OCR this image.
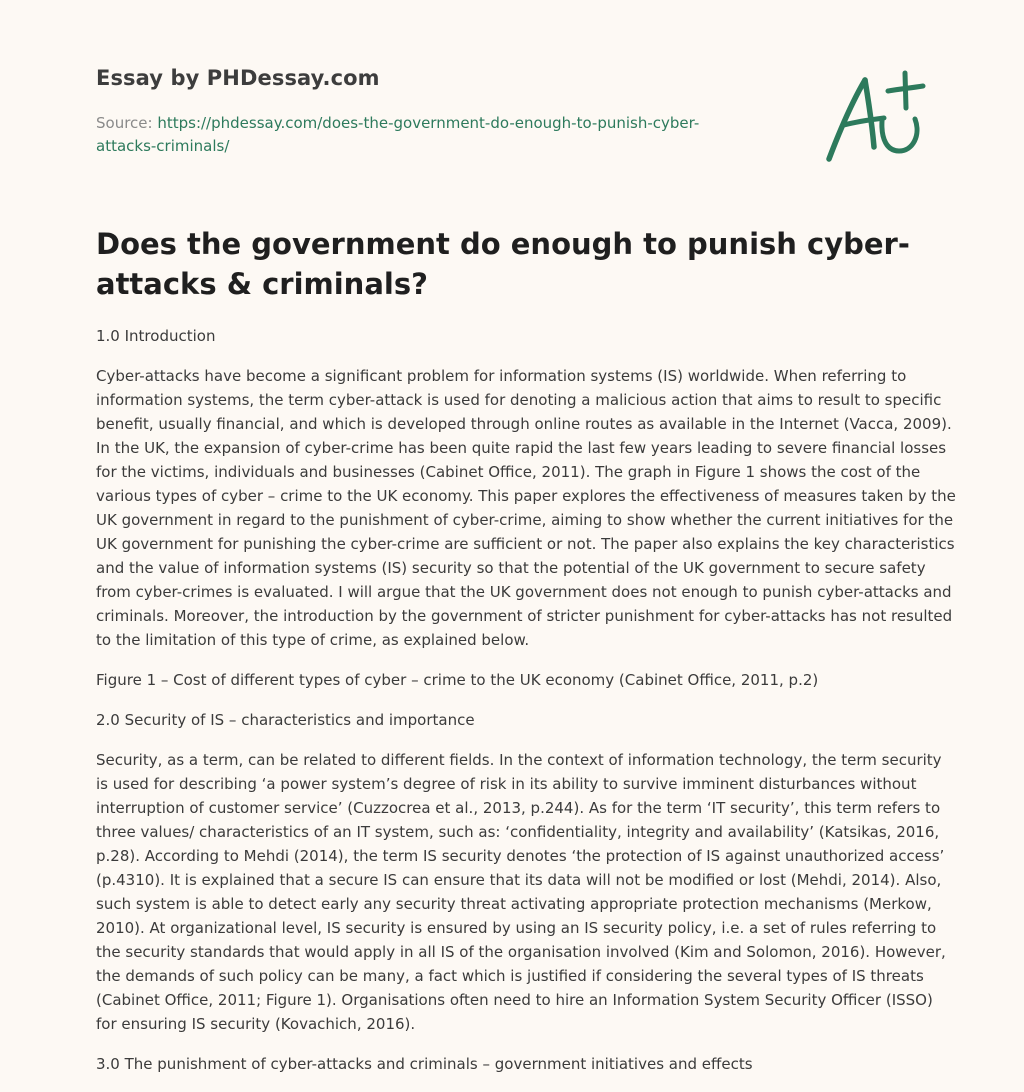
Essay by PHDessay.com
Source: https://phdessay.com/does-the-government-do-enough-to-punish-cyber-attacks-criminals/
Does the government do enough to punish cyber-attacks & criminals?

1.0 Introduction

Cyber-attacks have become a significant problem for information systems (IS) worldwide. When referring to information systems, the term cyber-attack is used for denoting a malicious action that aims to result to specific benefit, usually financial, and which is developed through online routes as available in the Internet (Vacca, 2009). In the UK, the expansion of cyber-crime has been quite rapid the last few years leading to severe financial losses for the victims, individuals and businesses (Cabinet Office, 2011). The graph in Figure 1 shows the cost of the various types of cyber – crime to the UK economy. This paper explores the effectiveness of measures taken by the UK government in regard to the punishment of cyber-crime, aiming to show whether the current initiatives for the UK government for punishing the cyber-crime are sufficient or not. The paper also explains the key characteristics and the value of information systems (IS) security so that the potential of the UK government to secure safety from cyber-crimes is evaluated. I will argue that the UK government does not enough to punish cyber-attacks and criminals. Moreover, the introduction by the government of stricter punishment for cyber-attacks has not resulted to the limitation of this type of crime, as explained below.

Figure 1 – Cost of different types of cyber – crime to the UK economy (Cabinet Office, 2011, p.2)

2.0 Security of IS – characteristics and importance

Security, as a term, can be related to different fields. In the context of information technology, the term security is used for describing ‘a power system’s degree of risk in its ability to survive imminent disturbances without interruption of customer service’ (Cuzzocrea et al., 2013, p.244). As for the term ‘IT security’, this term refers to three values/ characteristics of an IT system, such as: ‘confidentiality, integrity and availability’ (Katsikas, 2016, p.28). According to Mehdi (2014), the term IS security denotes ‘the protection of IS against unauthorized access’ (p.4310). It is explained that a secure IS can ensure that its data will not be modified or lost (Mehdi, 2014). Also, such system is able to detect early any security threat activating appropriate protection mechanisms (Merkow, 2010). At organizational level, IS security is ensured by using an IS security policy, i.e. a set of rules referring to the security standards that would apply in all IS of the organisation involved (Kim and Solomon, 2016). However, the demands of such policy can be many, a fact which is justified if considering the several types of IS threats (Cabinet Office, 2011; Figure 1). Organisations often need to hire an Information System Security Officer (ISSO) for ensuring IS security (Kovachich, 2016).

3.0 The punishment of cyber-attacks and criminals – government initiatives and effects
